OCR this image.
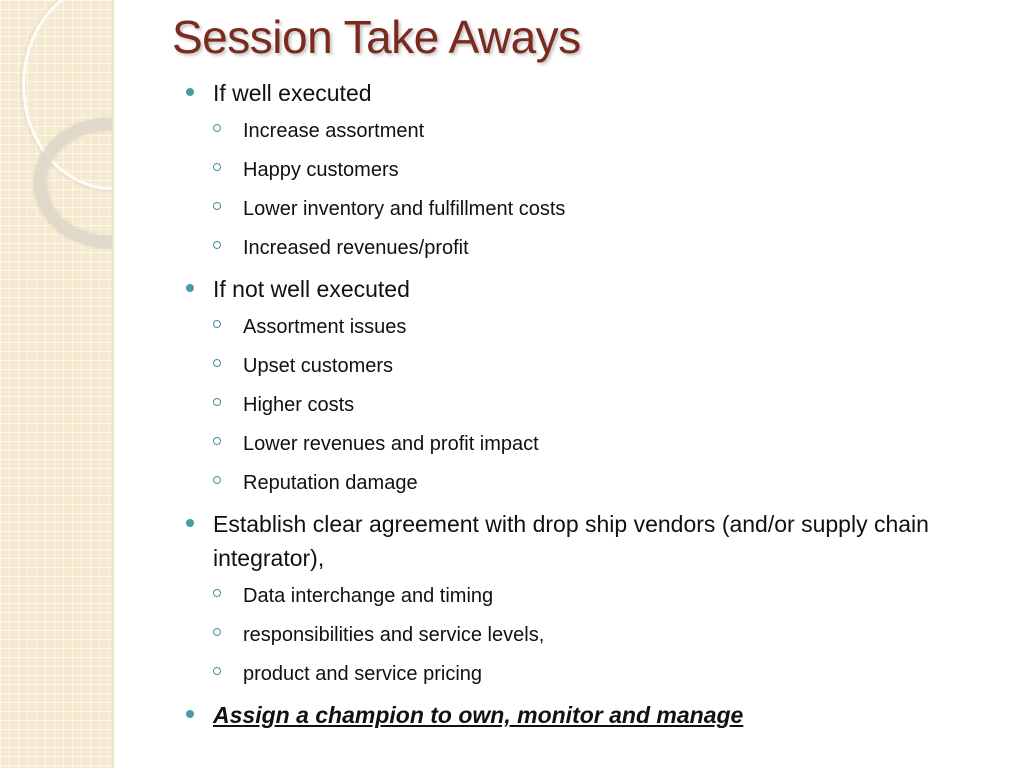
Session Take Aways
If well executed
Increase assortment
Happy customers
Lower inventory and fulfillment costs
Increased revenues/profit
If not well executed
Assortment issues
Upset customers
Higher costs
Lower revenues and profit impact
Reputation damage
Establish clear agreement with drop ship vendors (and/or supply chain integrator),
Data interchange and timing
responsibilities and service levels,
product and service pricing
Assign a champion to own, monitor and manage
